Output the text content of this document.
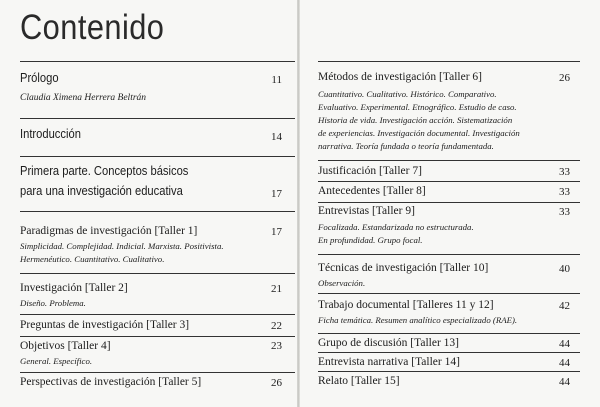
Contenido
Prólogo	11
Claudia Ximena Herrera Beltrán
Introducción	14
Primera parte. Conceptos básicos
para una investigación educativa	17
Paradigmas de investigación [Taller 1]	17
Simplicidad. Complejidad. Indicial. Marxista. Positivista.
Hermenéutico. Cuantitativo. Cualitativo.
Investigación [Taller 2]	21
Diseño. Problema.
Preguntas de investigación [Taller 3]	22
Objetivos [Taller 4]	23
General. Específico.
Perspectivas de investigación [Taller 5]	26
Métodos de investigación [Taller 6]	26
Cuantitativo. Cualitativo. Histórico. Comparativo.
Evaluativo. Experimental. Etnográfico. Estudio de caso.
Historia de vida. Investigación acción. Sistematización
de experiencias. Investigación documental. Investigación
narrativa. Teoría fundada o teoría fundamentada.
Justificación [Taller 7]	33
Antecedentes [Taller 8]	33
Entrevistas [Taller 9]	33
Focalizada. Estandarizada no estructurada.
En profundidad. Grupo focal.
Técnicas de investigación [Taller 10]	40
Observación.
Trabajo documental [Talleres 11 y 12]	42
Ficha temática. Resumen analítico especializado (RAE).
Grupo de discusión [Taller 13]	44
Entrevista narrativa [Taller 14]	44
Relato [Taller 15]	44
